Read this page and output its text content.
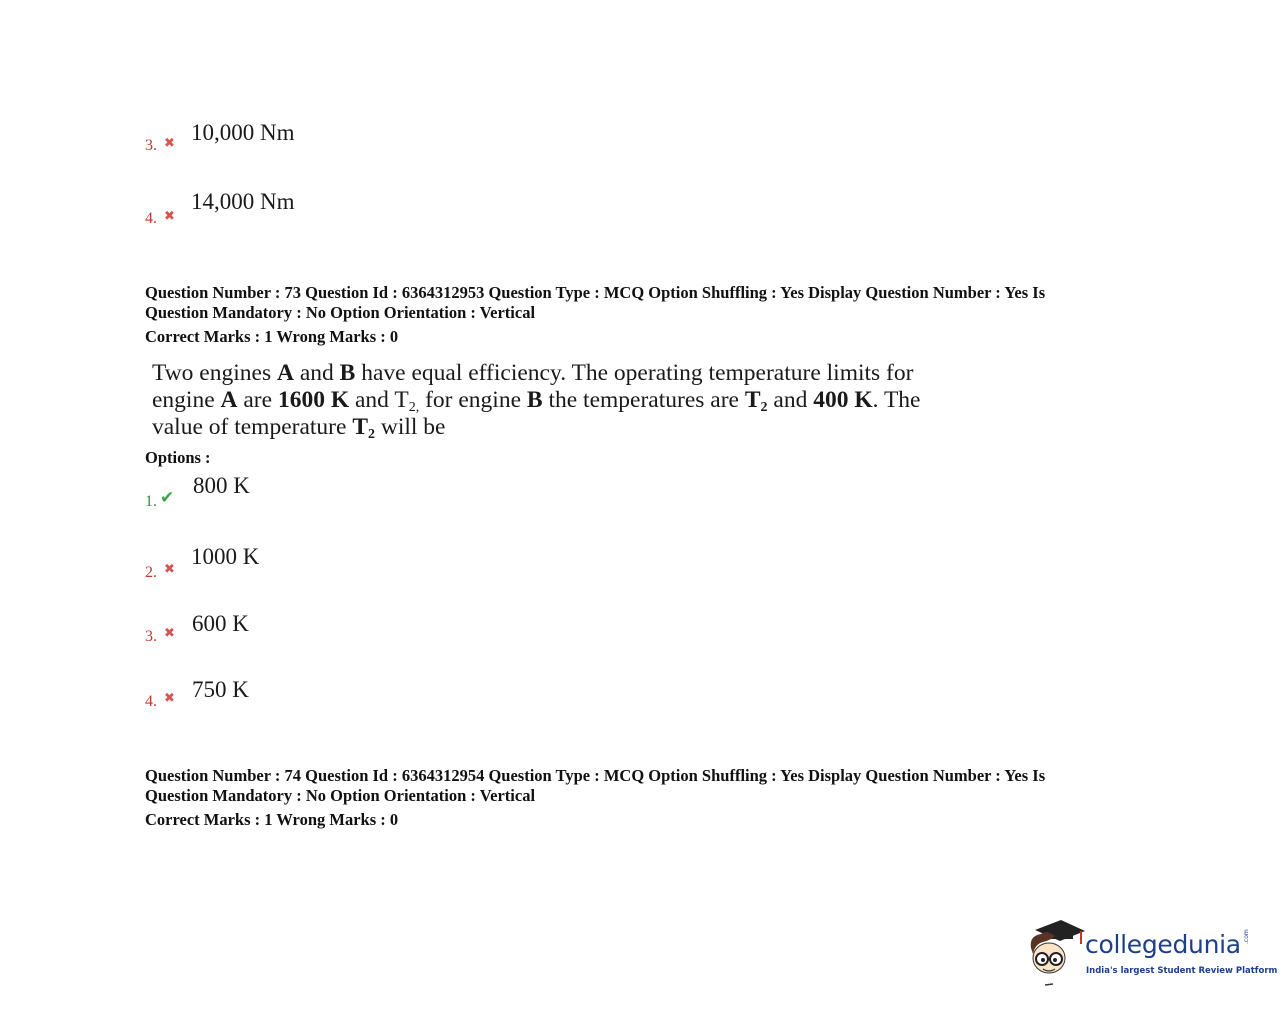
3. ✖ 10,000 Nm
4. ✖
14,000 Nm
Question Number : 73 Question Id : 6364312953 Question Type : MCQ Option Shuffling : Yes Display Question Number : Yes Is
Question Mandatory : No Option Orientation : Vertical
Correct Marks : 1 Wrong Marks : 0
Two engines A and B have equal efficiency. The operating temperature limits for
engine A are 1600 K and $T_{2,}$ for engine B the temperatures are $T_2$ and 400 K. The
value of temperature $T_2$ will be
Options :
1. ✔ 800 K
2. ✖
1000 K
3. ✖ 600 K
4. ✖ 750 K
Question Number : 74 Question Id : 6364312954 Question Type : MCQ Option Shuffling : Yes Display Question Number : Yes Is
Question Mandatory : No Option Orientation : Vertical
Correct Marks : 1 Wrong Marks : 0
collegedunia .com
India's largest Student Review Platform
